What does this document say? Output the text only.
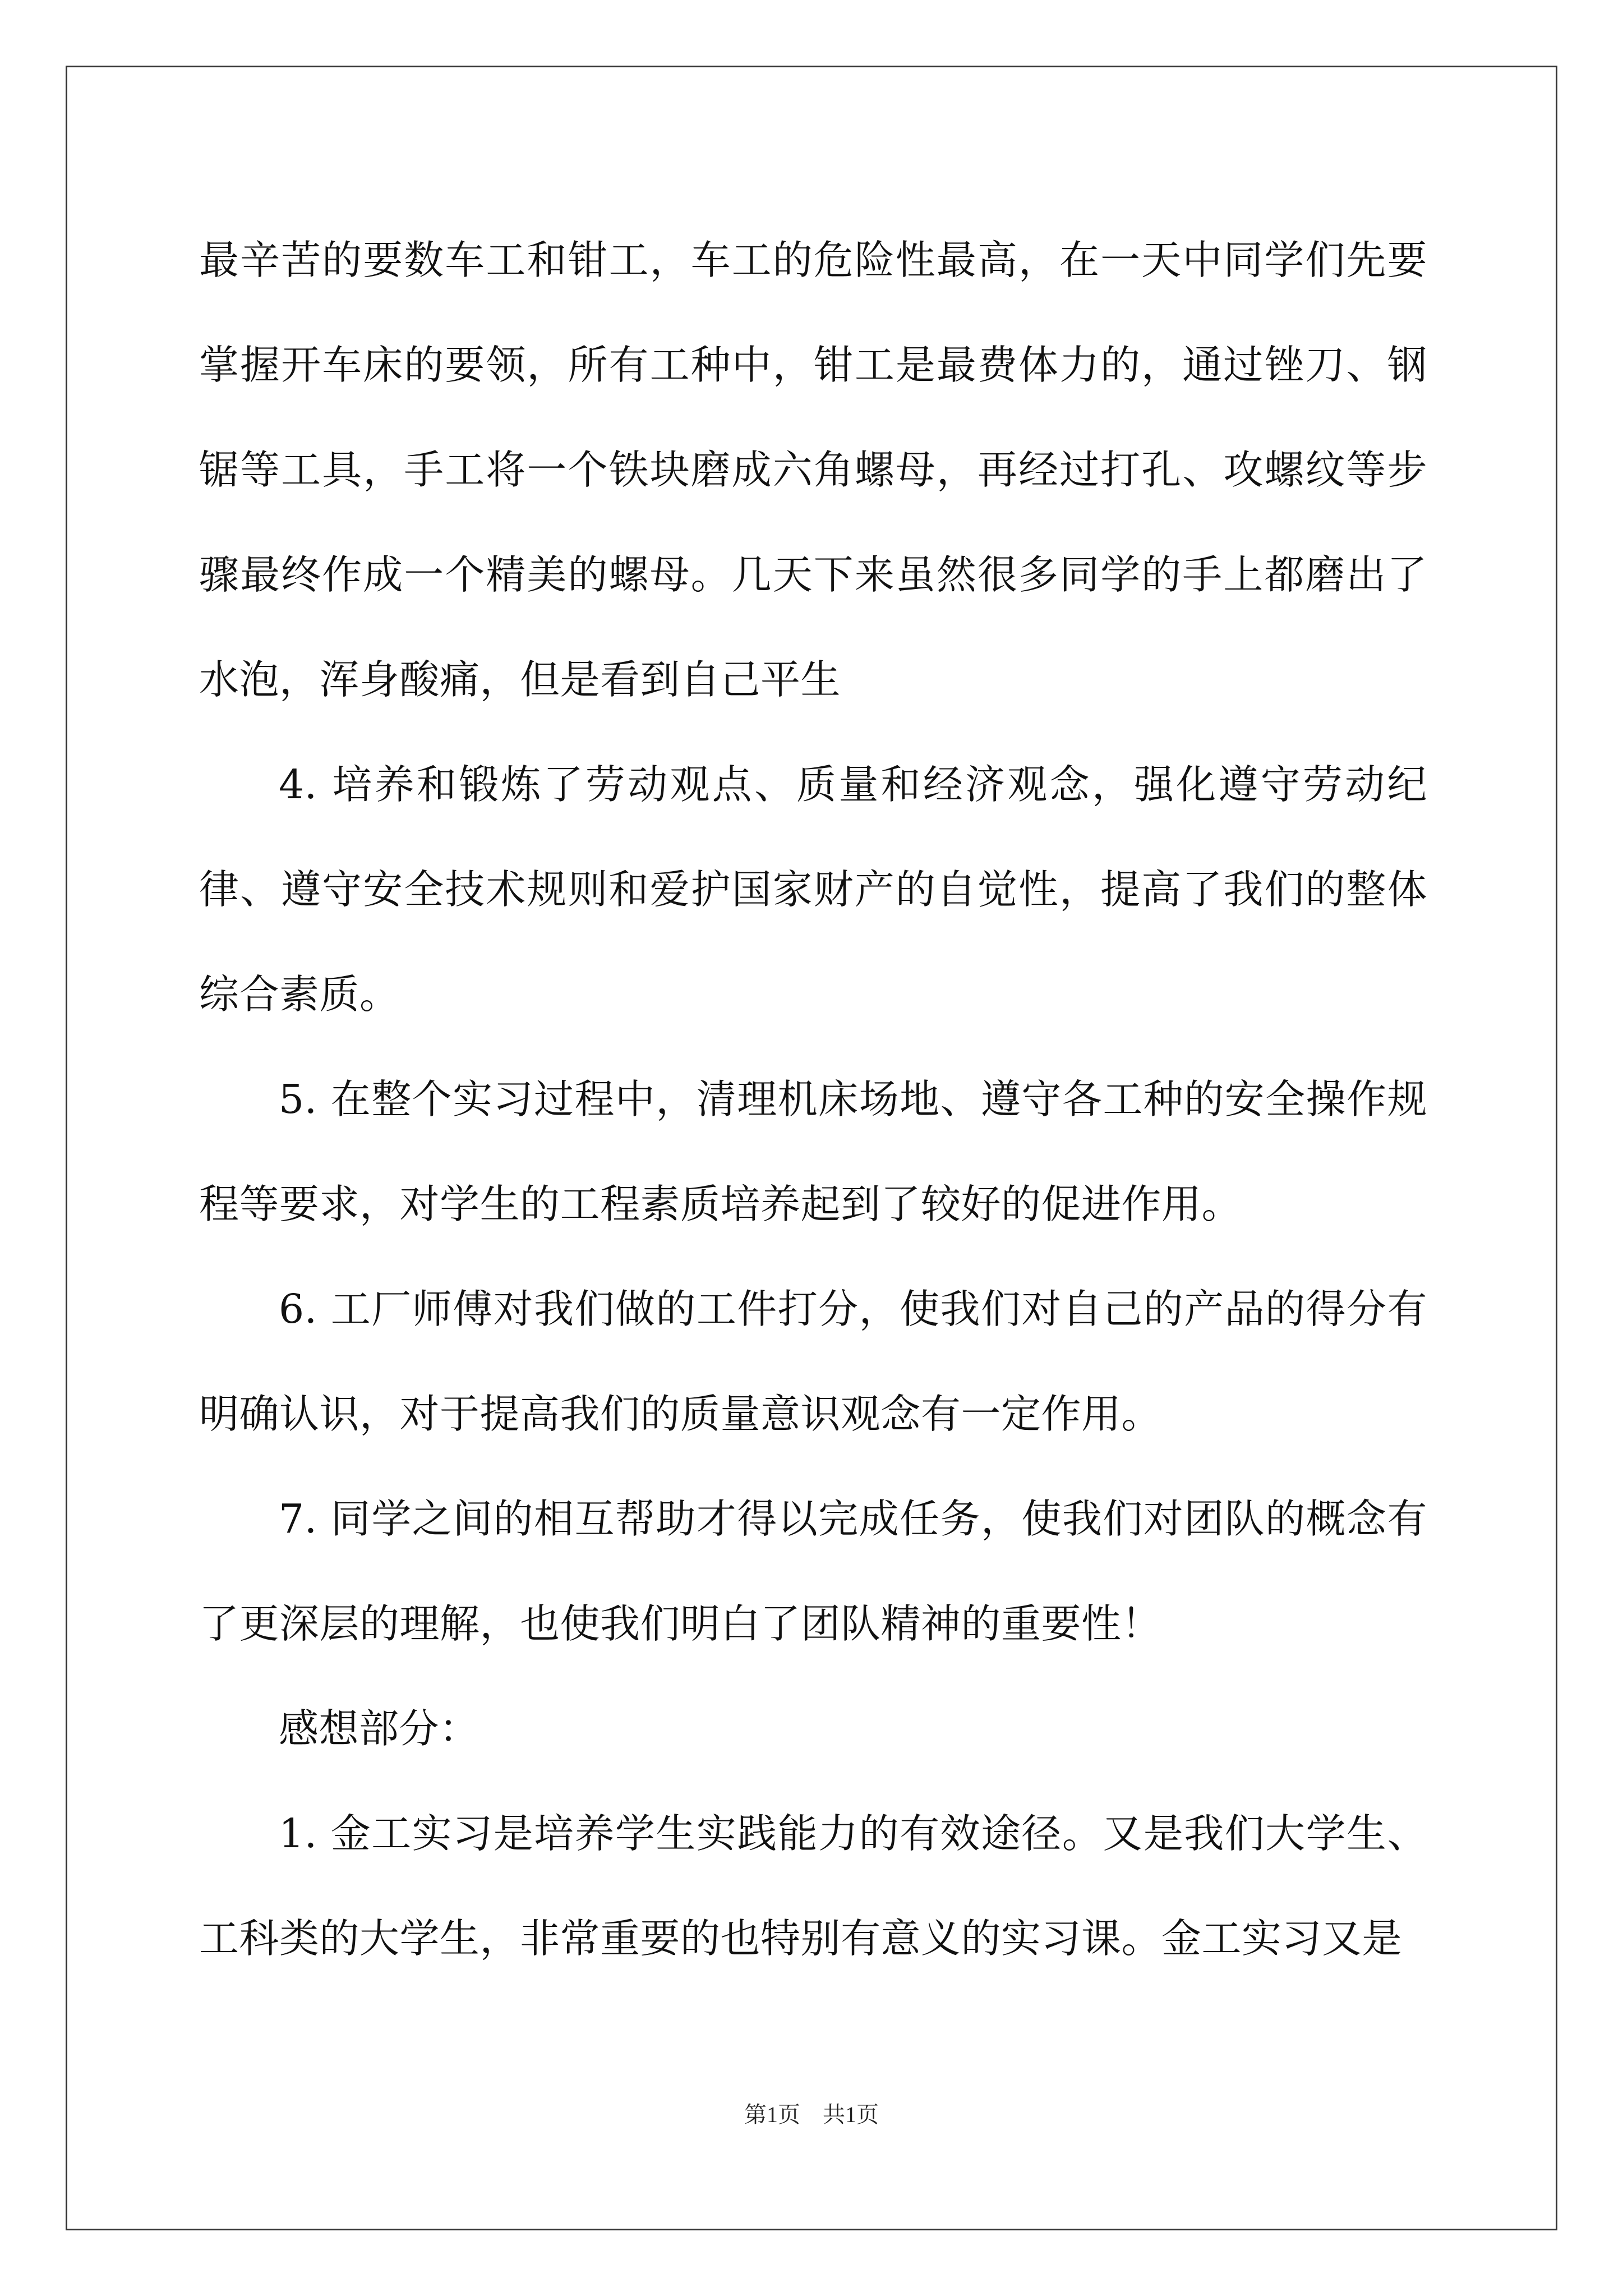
最辛苦的要数车工和钳工，车工的危险性最高，在一天中同学们先要掌握开车床的要领，所有工种中，钳工是最费体力的，通过锉刀、钢锯等工具，手工将一个铁块磨成六角螺母，再经过打孔、攻螺纹等步骤最终作成一个精美的螺母。几天下来虽然很多同学的手上都磨出了水泡，浑身酸痛，但是看到自己平生

4. 培养和锻炼了劳动观点、质量和经济观念，强化遵守劳动纪律、遵守安全技术规则和爱护国家财产的自觉性，提高了我们的整体综合素质。

5. 在整个实习过程中，清理机床场地、遵守各工种的安全操作规程等要求，对学生的工程素质培养起到了较好的促进作用。

6. 工厂师傅对我们做的工件打分，使我们对自己的产品的得分有明确认识，对于提高我们的质量意识观念有一定作用。

7. 同学之间的相互帮助才得以完成任务，使我们对团队的概念有了更深层的理解，也使我们明白了团队精神的重要性！

感想部分：

1. 金工实习是培养学生实践能力的有效途径。又是我们大学生、工科类的大学生，非常重要的也特别有意义的实习课。金工实习又是

第1页 共1页
